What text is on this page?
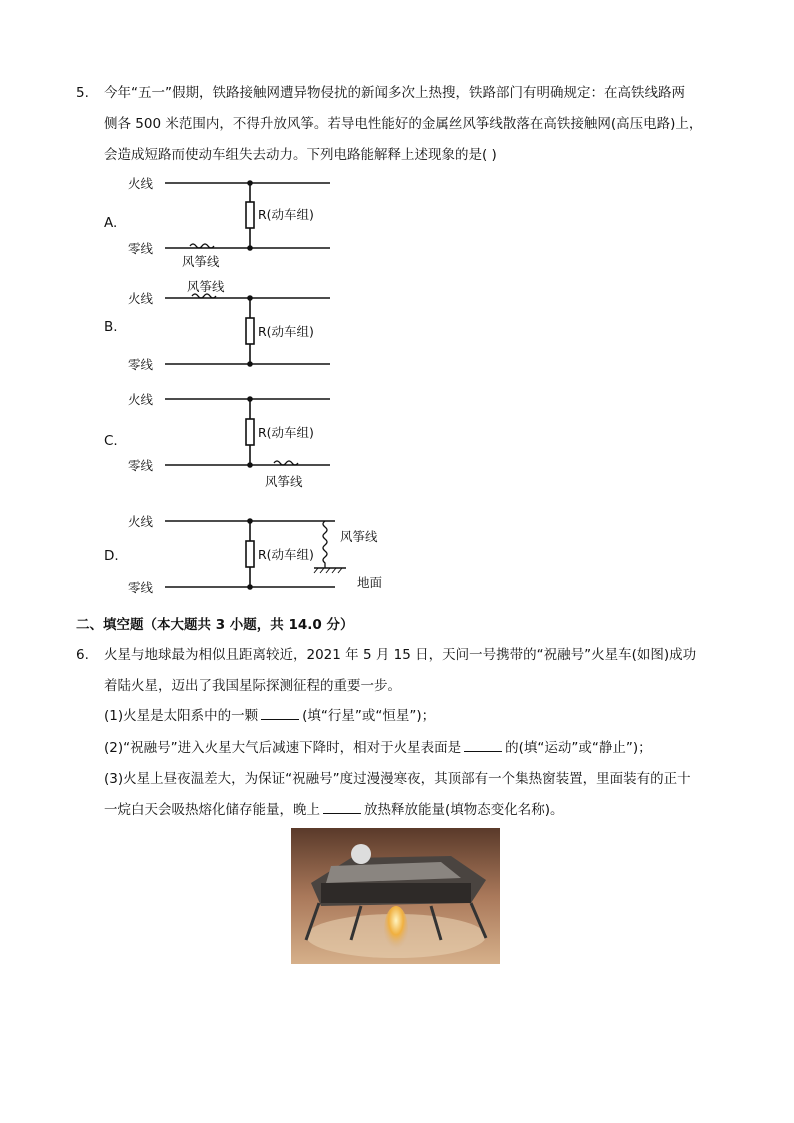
5. 今年“五一”假期，铁路接触网遭异物侵扰的新闻多次上热搜，铁路部门有明确规定：在高铁线路两
侧各 500 米范围内，不得升放风筝。若导电性能好的金属丝风筝线散落在高铁接触网(高压电路)上，
会造成短路而使动车组失去动力。下列电路能解释上述现象的是( )
A.
B.
C.
D.
火线
零线
R(动车组)
风筝线
火线
零线
R(动车组)
风筝线
火线
零线
R(动车组)
风筝线
火线
零线
R(动车组)
风筝线
地面
二、填空题（本大题共 3 小题，共 14.0 分）
6. 火星与地球最为相似且距离较近，2021 年 5 月 15 日，天问一号携带的“祝融号”火星车(如图)成功
着陆火星，迈出了我国星际探测征程的重要一步。
(1)火星是太阳系中的一颗	(填“行星”或“恒星”)；
(2)“祝融号”进入火星大气后减速下降时，相对于火星表面是	的(填“运动”或“静止”)；
(3)火星上昼夜温差大，为保证“祝融号”度过漫漫寒夜，其顶部有一个集热窗装置，里面装有的正十
一烷白天会吸热熔化储存能量，晚上	放热释放能量(填物态变化名称)。
